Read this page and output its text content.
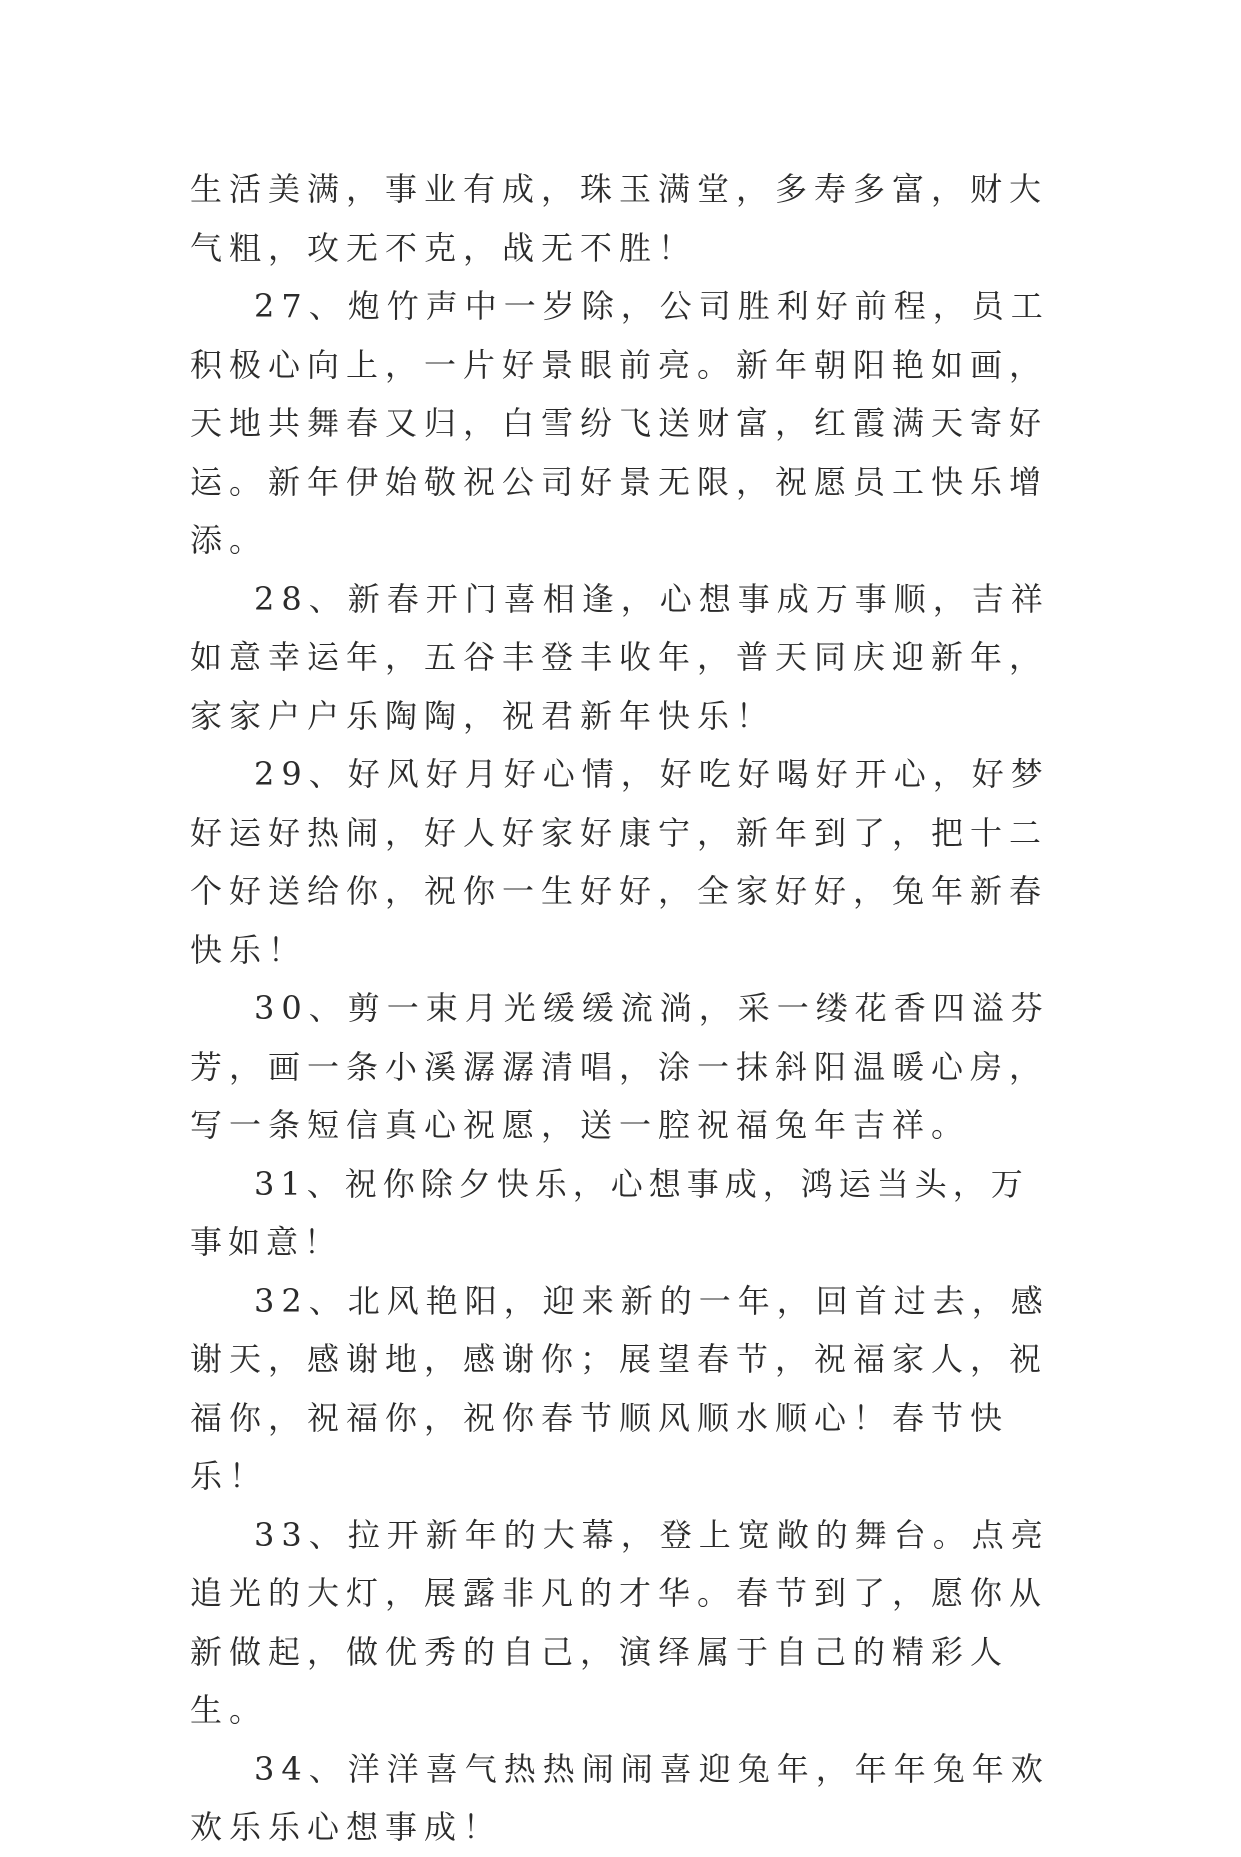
生活美满，事业有成，珠玉满堂，多寿多富，财大气粗，攻无不克，战无不胜！

27、炮竹声中一岁除，公司胜利好前程，员工积极心向上，一片好景眼前亮。新年朝阳艳如画，天地共舞春又归，白雪纷飞送财富，红霞满天寄好运。新年伊始敬祝公司好景无限，祝愿员工快乐增添。

28、新春开门喜相逢，心想事成万事顺，吉祥如意幸运年，五谷丰登丰收年，普天同庆迎新年，家家户户乐陶陶，祝君新年快乐！

29、好风好月好心情，好吃好喝好开心，好梦好运好热闹，好人好家好康宁，新年到了，把十二个好送给你，祝你一生好好，全家好好，兔年新春快乐！

30、剪一束月光缓缓流淌，采一缕花香四溢芬芳，画一条小溪潺潺清唱，涂一抹斜阳温暖心房，写一条短信真心祝愿，送一腔祝福兔年吉祥。

31、祝你除夕快乐，心想事成，鸿运当头，万事如意！

32、北风艳阳，迎来新的一年，回首过去，感谢天，感谢地，感谢你；展望春节，祝福家人，祝福你，祝福你，祝你春节顺风顺水顺心！春节快乐！

33、拉开新年的大幕，登上宽敞的舞台。点亮追光的大灯，展露非凡的才华。春节到了，愿你从新做起，做优秀的自己，演绎属于自己的精彩人生。

34、洋洋喜气热热闹闹喜迎兔年，年年兔年欢欢乐乐心想事成！
